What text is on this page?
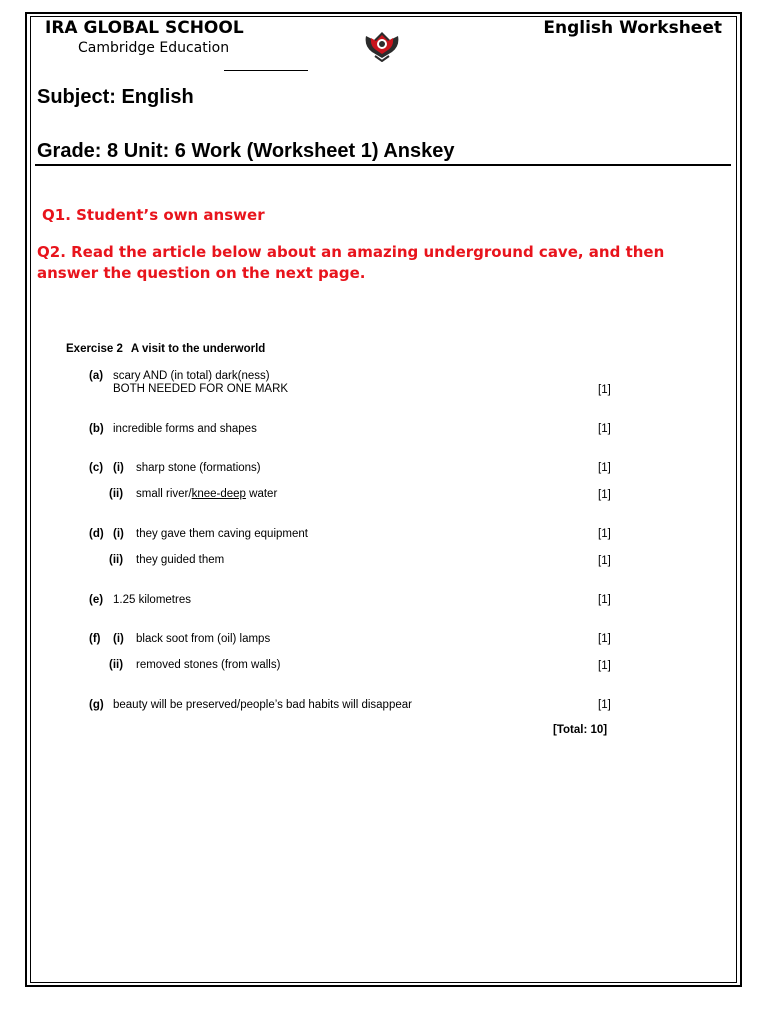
IRA GLOBAL SCHOOL
Cambridge Education
English Worksheet
Subject: English
Grade: 8 Unit: 6 Work (Worksheet 1) Anskey
Q1. Student’s own answer
Q2. Read the article below about an amazing underground cave, and then answer the question on the next page.
Exercise 2 A visit to the underworld
(a) scary AND (in total) dark(ness)
BOTH NEEDED FOR ONE MARK	[1]
(b) incredible forms and shapes	[1]
(c) (i) sharp stone (formations)	[1]
(ii) small river/knee-deep water	[1]
(d) (i) they gave them caving equipment	[1]
(ii) they guided them	[1]
(e) 1.25 kilometres	[1]
(f) (i) black soot from (oil) lamps	[1]
(ii) removed stones (from walls)	[1]
(g) beauty will be preserved/people’s bad habits will disappear	[1]
[Total: 10]
